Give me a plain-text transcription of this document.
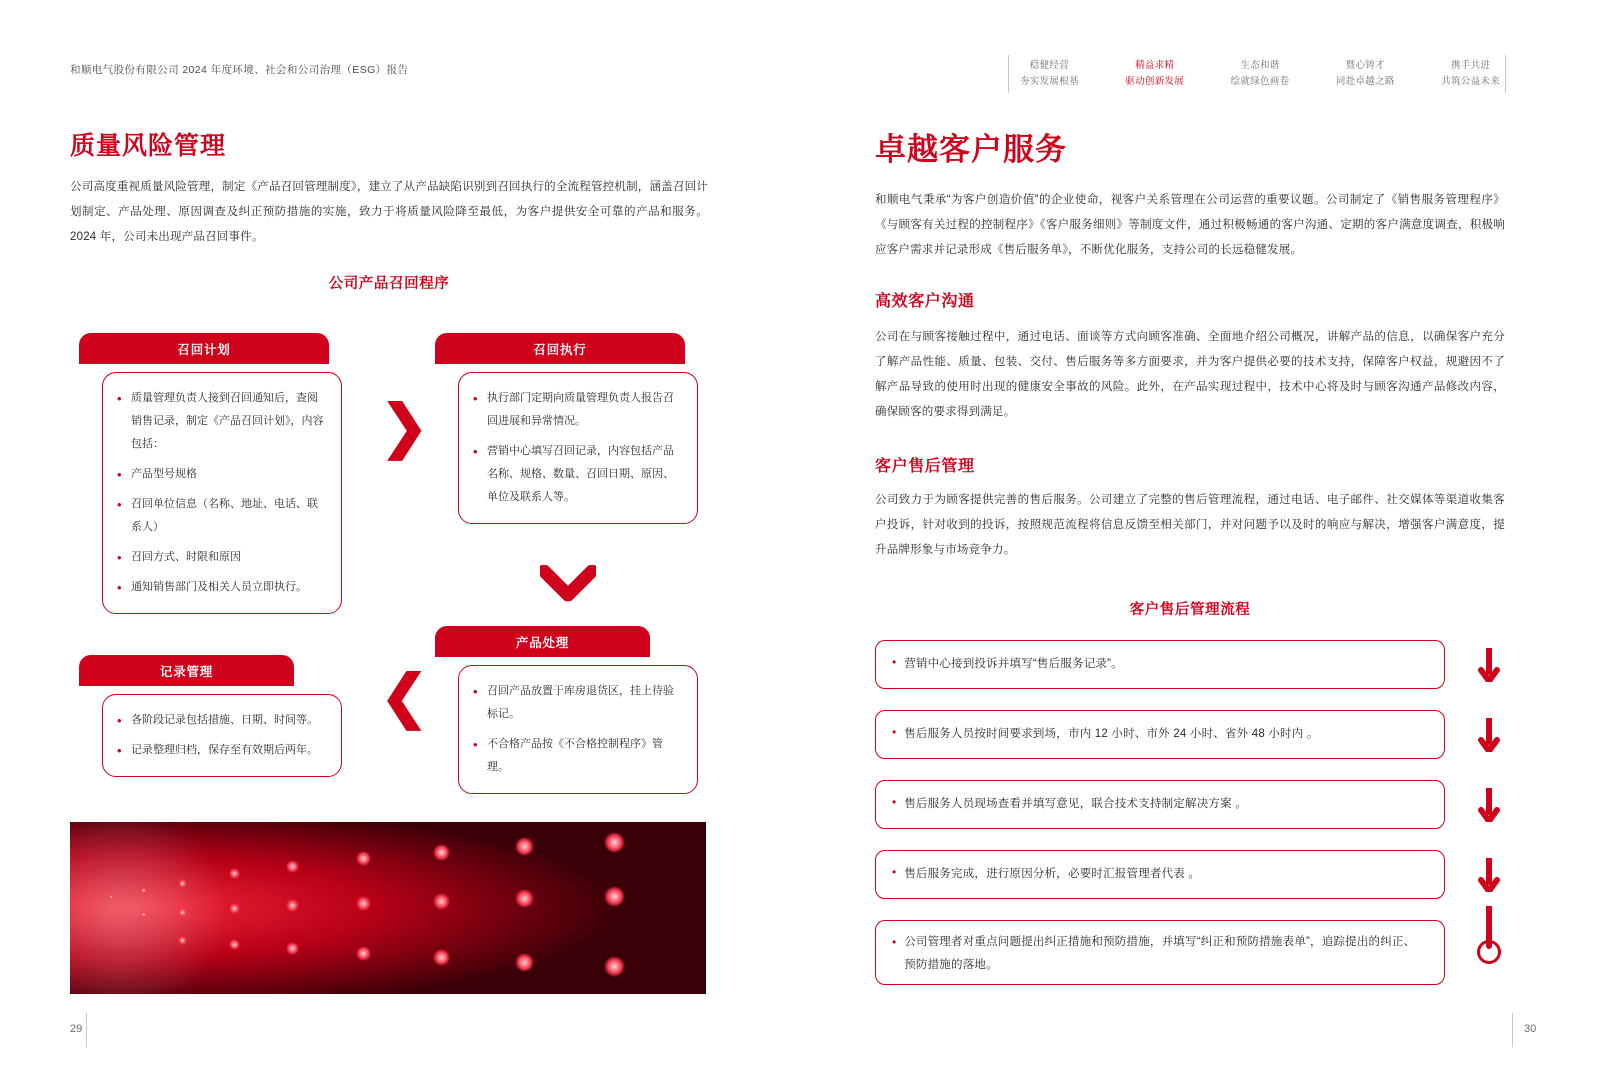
和顺电气股份有限公司 2024 年度环境、社会和公司治理（ESG）报告
质量风险管理
公司高度重视质量风险管理，制定《产品召回管理制度》，建立了从产品缺陷识别到召回执行的全流程管控机制，涵盖召回计划制定、产品处理、原因调查及纠正预防措施的实施，致力于将质量风险降至最低，为客户提供安全可靠的产品和服务。2024 年，公司未出现产品召回事件。
公司产品召回程序
召回计划
• 质量管理负责人接到召回通知后，查阅销售记录，制定《产品召回计划》，内容包括：
• 产品型号规格
• 召回单位信息（名称、地址、电话、联系人）
• 召回方式、时限和原因
• 通知销售部门及相关人员立即执行。
❯
召回执行
• 执行部门定期向质量管理负责人报告召回进展和异常情况。
• 营销中心填写召回记录，内容包括产品名称、规格、数量、召回日期、原因、单位及联系人等。
产品处理
• 召回产品放置于库房退货区，挂上待验标记。
• 不合格产品按《不合格控制程序》管理。
❮
记录管理
• 各阶段记录包括措施、日期、时间等。
• 记录整理归档，保存至有效期后两年。
29
稳健经营
夯实发展根基
精益求精
驱动创新发展
生态和谐
绘就绿色画卷
暨心铸才
同赴卓越之路
携手共进
共筑公益未来
卓越客户服务
和顺电气秉承“为客户创造价值”的企业使命，视客户关系管理在公司运营的重要议题。公司制定了《销售服务管理程序》《与顾客有关过程的控制程序》《客户服务细则》等制度文件，通过积极畅通的客户沟通、定期的客户满意度调查，积极响应客户需求并记录形成《售后服务单》，不断优化服务，支持公司的长远稳健发展。
高效客户沟通
公司在与顾客接触过程中，通过电话、面谈等方式向顾客准确、全面地介绍公司概况，讲解产品的信息，以确保客户充分了解产品性能、质量、包装、交付、售后服务等多方面要求，并为客户提供必要的技术支持，保障客户权益，规避因不了解产品导致的使用时出现的健康安全事故的风险。此外，在产品实现过程中，技术中心将及时与顾客沟通产品修改内容，确保顾客的要求得到满足。
客户售后管理
公司致力于为顾客提供完善的售后服务。公司建立了完整的售后管理流程，通过电话、电子邮件、社交媒体等渠道收集客户投诉，针对收到的投诉，按照规范流程将信息反馈至相关部门，并对问题予以及时的响应与解决，增强客户满意度，提升品牌形象与市场竞争力。
客户售后管理流程
• 营销中心接到投诉并填写“售后服务记录”。
• 售后服务人员按时间要求到场，市内 12 小时、市外 24 小时、省外 48 小时内 。
• 售后服务人员现场查看并填写意见，联合技术支持制定解决方案 。
• 售后服务完成，进行原因分析，必要时汇报管理者代表 。
• 公司管理者对重点问题提出纠正措施和预防措施，并填写“纠正和预防措施表单”，追踪提出的纠正、预防措施的落地。
30
